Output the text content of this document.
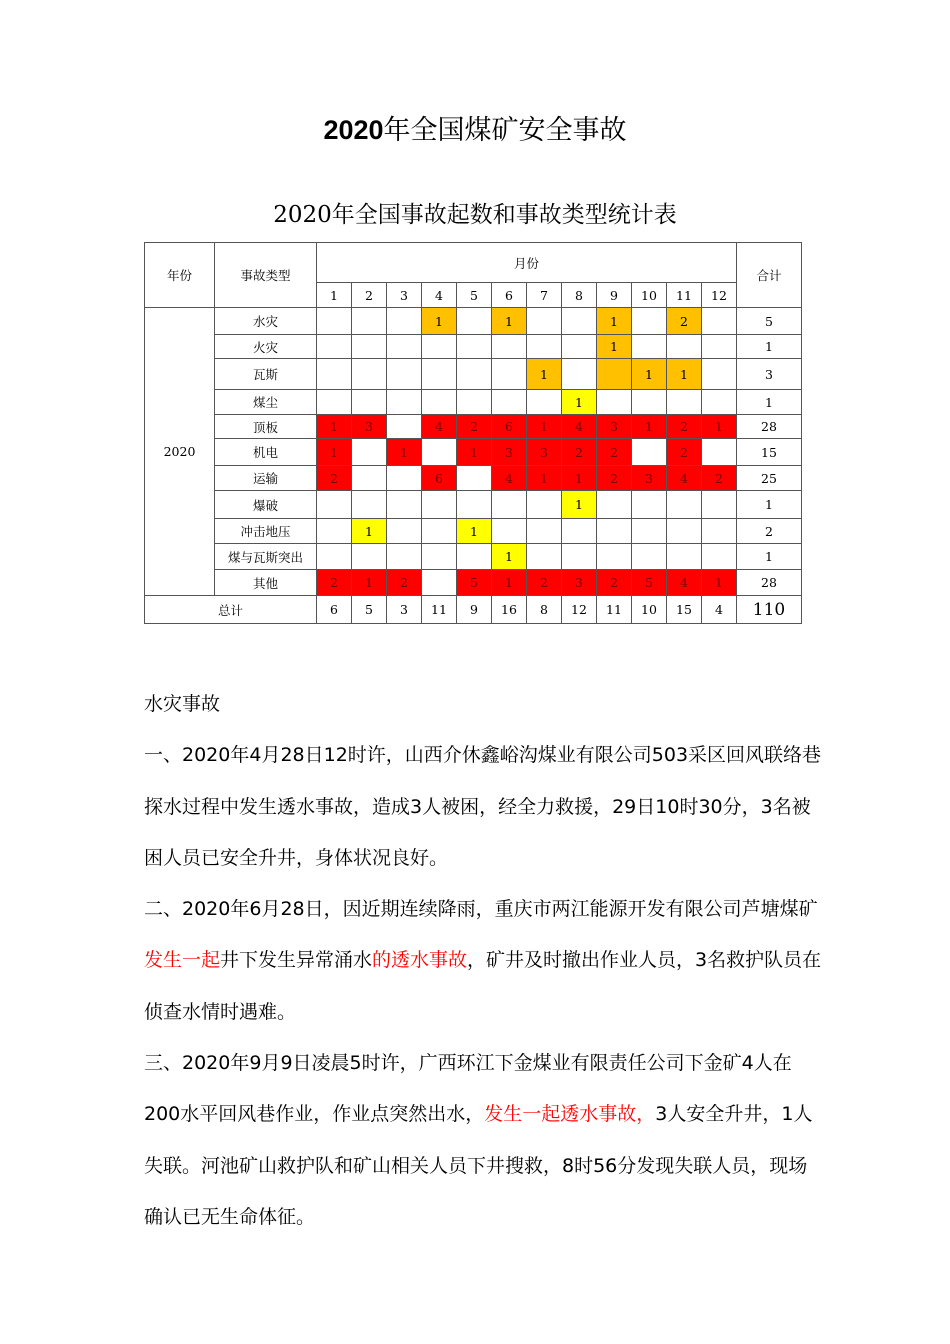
2020年全国煤矿安全事故
2020年全国事故起数和事故类型统计表
年份	事故类型	月份												合计
		1	2	3	4	5	6	7	8	9	10	11	12	
2020	水灾				1		1			1		2		5
	火灾									1				1
	瓦斯							1			1	1		3
	煤尘								1					1
	顶板	1	3		4	2	6	1	4	3	1	2	1	28
	机电	1		1		1	3	3	2	2		2		15
	运输	2			6		4	1	1	2	3	4	2	25
	爆破								1					1
	冲击地压		1			1								2
	煤与瓦斯突出						1							1
	其他	2	1	2		5	1	2	3	2	5	4	1	28
总计		6	5	3	11	9	16	8	12	11	10	15	4	110

水灾事故

一、2020年4月28日12时许，山西介休鑫峪沟煤业有限公司503采区回风联络巷探水过程中发生透水事故，造成3人被困，经全力救援，29日10时30分，3名被困人员已安全升井，身体状况良好。

二、2020年6月28日，因近期连续降雨，重庆市两江能源开发有限公司芦塘煤矿发生一起井下发生异常涌水的透水事故，矿井及时撤出作业人员，3名救护队员在侦查水情时遇难。

三、2020年9月9日凌晨5时许，广西环江下金煤业有限责任公司下金矿4人在200水平回风巷作业，作业点突然出水，发生一起透水事故，3人安全升井，1人失联。河池矿山救护队和矿山相关人员下井搜救，8时56分发现失联人员，现场确认已无生命体征。
